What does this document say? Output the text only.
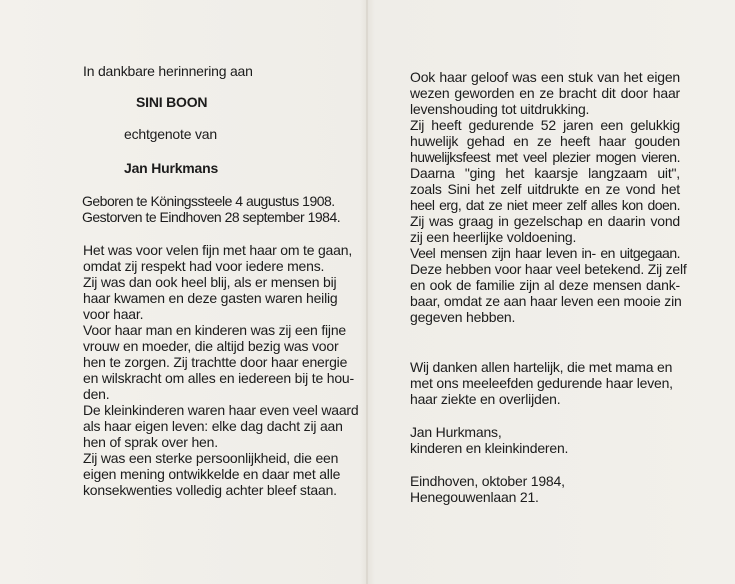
In dankbare herinnering aan
SINI BOON
echtgenote van
Jan Hurkmans
Geboren te Köningssteele 4 augustus 1908.
Gestorven te Eindhoven 28 september 1984.
Het was voor velen fijn met haar om te gaan,
omdat zij respekt had voor iedere mens.
Zij was dan ook heel blij, als er mensen bij
haar kwamen en deze gasten waren heilig
voor haar.
Voor haar man en kinderen was zij een fijne
vrouw en moeder, die altijd bezig was voor
hen te zorgen. Zij trachtte door haar energie
en wilskracht om alles en iedereen bij te hou-
den.
De kleinkinderen waren haar even veel waard
als haar eigen leven: elke dag dacht zij aan
hen of sprak over hen.
Zij was een sterke persoonlijkheid, die een
eigen mening ontwikkelde en daar met alle
konsekwenties volledig achter bleef staan.
Ook haar geloof was een stuk van het eigen
wezen geworden en ze bracht dit door haar
levenshouding tot uitdrukking.
Zij heeft gedurende 52 jaren een gelukkig
huwelijk gehad en ze heeft haar gouden
huwelijksfeest met veel plezier mogen vieren.
Daarna "ging het kaarsje langzaam uit",
zoals Sini het zelf uitdrukte en ze vond het
heel erg, dat ze niet meer zelf alles kon doen.
Zij was graag in gezelschap en daarin vond
zij een heerlijke voldoening.
Veel mensen zijn haar leven in- en uitgegaan.
Deze hebben voor haar veel betekend. Zij zelf
en ook de familie zijn al deze mensen dank-
baar, omdat ze aan haar leven een mooie zin
gegeven hebben.
Wij danken allen hartelijk, die met mama en
met ons meeleefden gedurende haar leven,
haar ziekte en overlijden.
Jan Hurkmans,
kinderen en kleinkinderen.
Eindhoven, oktober 1984,
Henegouwenlaan 21.
